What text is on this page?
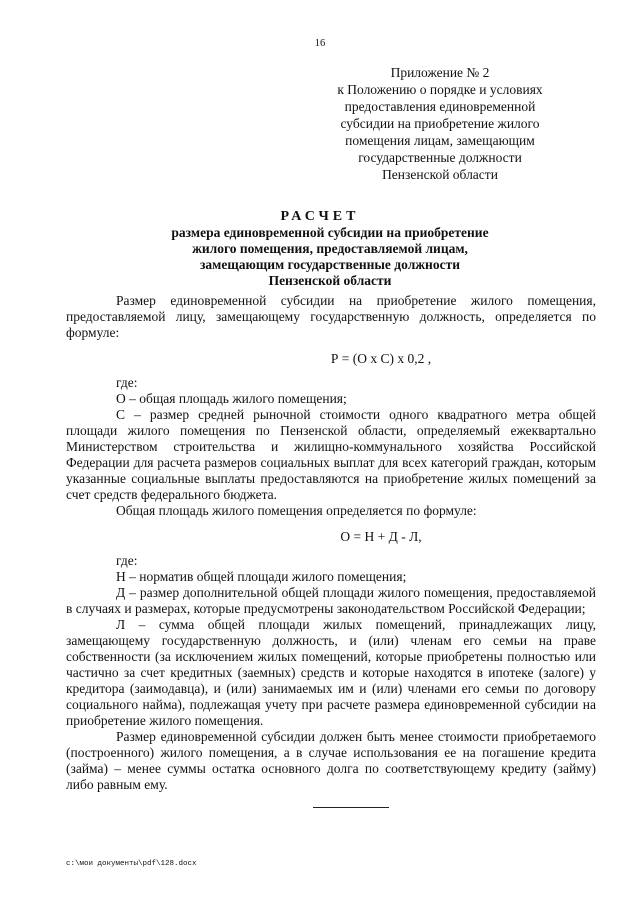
16
Приложение № 2
к Положению о порядке и условиях
предоставления единовременной
субсидии на приобретение жилого
помещения лицам, замещающим
государственные должности
Пензенской области
РАСЧЕТ
размера единовременной субсидии на приобретение
жилого помещения, предоставляемой лицам,
замещающим государственные должности
Пензенской области

Размер единовременной субсидии на приобретение жилого помещения, предоставляемой лицу, замещающему государственную должность, определяется по формуле:

Р = (О х С) х 0,2 ,

где:

О – общая площадь жилого помещения;

С – размер средней рыночной стоимости одного квадратного метра общей площади жилого помещения по Пензенской области, определяемый ежеквартально Министерством строительства и жилищно-коммунального хозяйства Российской Федерации для расчета размеров социальных выплат для всех категорий граждан, которым указанные социальные выплаты предоставляются на приобретение жилых помещений за счет средств федерального бюджета.

Общая площадь жилого помещения определяется по формуле:

О = Н + Д - Л,

где:

Н – норматив общей площади жилого помещения;

Д – размер дополнительной общей площади жилого помещения, предоставляемой в случаях и размерах, которые предусмотрены законодательством Российской Федерации;

Л – сумма общей площади жилых помещений, принадлежащих лицу, замещающему государственную должность, и (или) членам его семьи на праве собственности (за исключением жилых помещений, которые приобретены полностью или частично за счет кредитных (заемных) средств и которые находятся в ипотеке (залоге) у кредитора (заимодавца), и (или) занимаемых им и (или) членами его семьи по договору социального найма), подлежащая учету при расчете размера единовременной субсидии на приобретение жилого помещения.

Размер единовременной субсидии должен быть менее стоимости приобретаемого (построенного) жилого помещения, а в случае использования ее на погашение кредита (займа) – менее суммы остатка основного долга по соответствующему кредиту (займу) либо равным ему.

c:\мои документы\pdf\128.docx
